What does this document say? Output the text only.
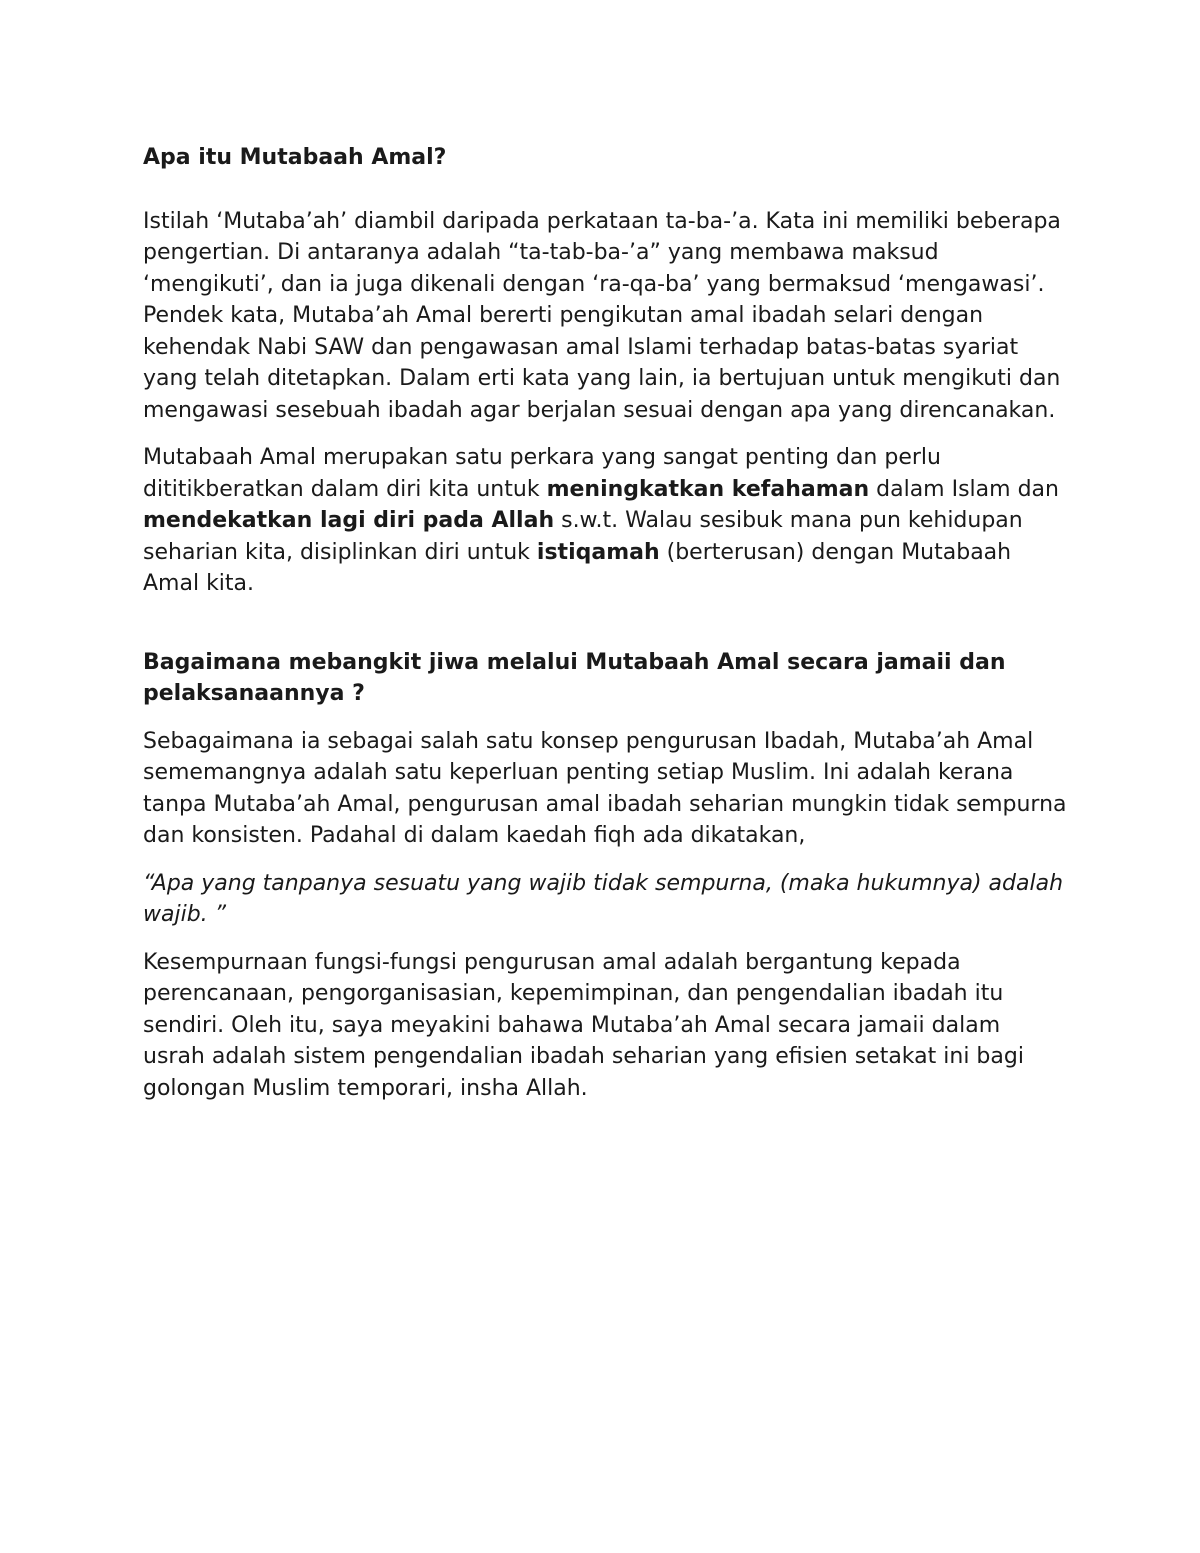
Apa itu Mutabaah Amal?

Istilah ‘Mutaba’ah’ diambil daripada perkataan ta-ba-’a. Kata ini memiliki beberapa pengertian. Di antaranya adalah “ta-tab-ba-’a” yang membawa maksud ‘mengikuti’, dan ia juga dikenali dengan ‘ra-qa-ba’ yang bermaksud ‘mengawasi’. Pendek kata, Mutaba’ah Amal bererti pengikutan amal ibadah selari dengan kehendak Nabi SAW dan pengawasan amal Islami terhadap batas-batas syariat yang telah ditetapkan. Dalam erti kata yang lain, ia bertujuan untuk mengikuti dan mengawasi sesebuah ibadah agar berjalan sesuai dengan apa yang direncanakan.

Mutabaah Amal merupakan satu perkara yang sangat penting dan perlu dititikberatkan dalam diri kita untuk meningkatkan kefahaman dalam Islam dan mendekatkan lagi diri pada Allah s.w.t. Walau sesibuk mana pun kehidupan seharian kita, disiplinkan diri untuk istiqamah (berterusan) dengan Mutabaah Amal kita.

Bagaimana mebangkit jiwa melalui Mutabaah Amal secara jamaii dan pelaksanaannya ?

Sebagaimana ia sebagai salah satu konsep pengurusan Ibadah, Mutaba’ah Amal sememangnya adalah satu keperluan penting setiap Muslim. Ini adalah kerana tanpa Mutaba’ah Amal, pengurusan amal ibadah seharian mungkin tidak sempurna dan konsisten. Padahal di dalam kaedah fiqh ada dikatakan,

“Apa yang tanpanya sesuatu yang wajib tidak sempurna, (maka hukumnya) adalah wajib. ”

Kesempurnaan fungsi-fungsi pengurusan amal adalah bergantung kepada perencanaan, pengorganisasian, kepemimpinan, dan pengendalian ibadah itu sendiri. Oleh itu, saya meyakini bahawa Mutaba’ah Amal secara jamaii dalam usrah adalah sistem pengendalian ibadah seharian yang efisien setakat ini bagi golongan Muslim temporari, insha Allah.
